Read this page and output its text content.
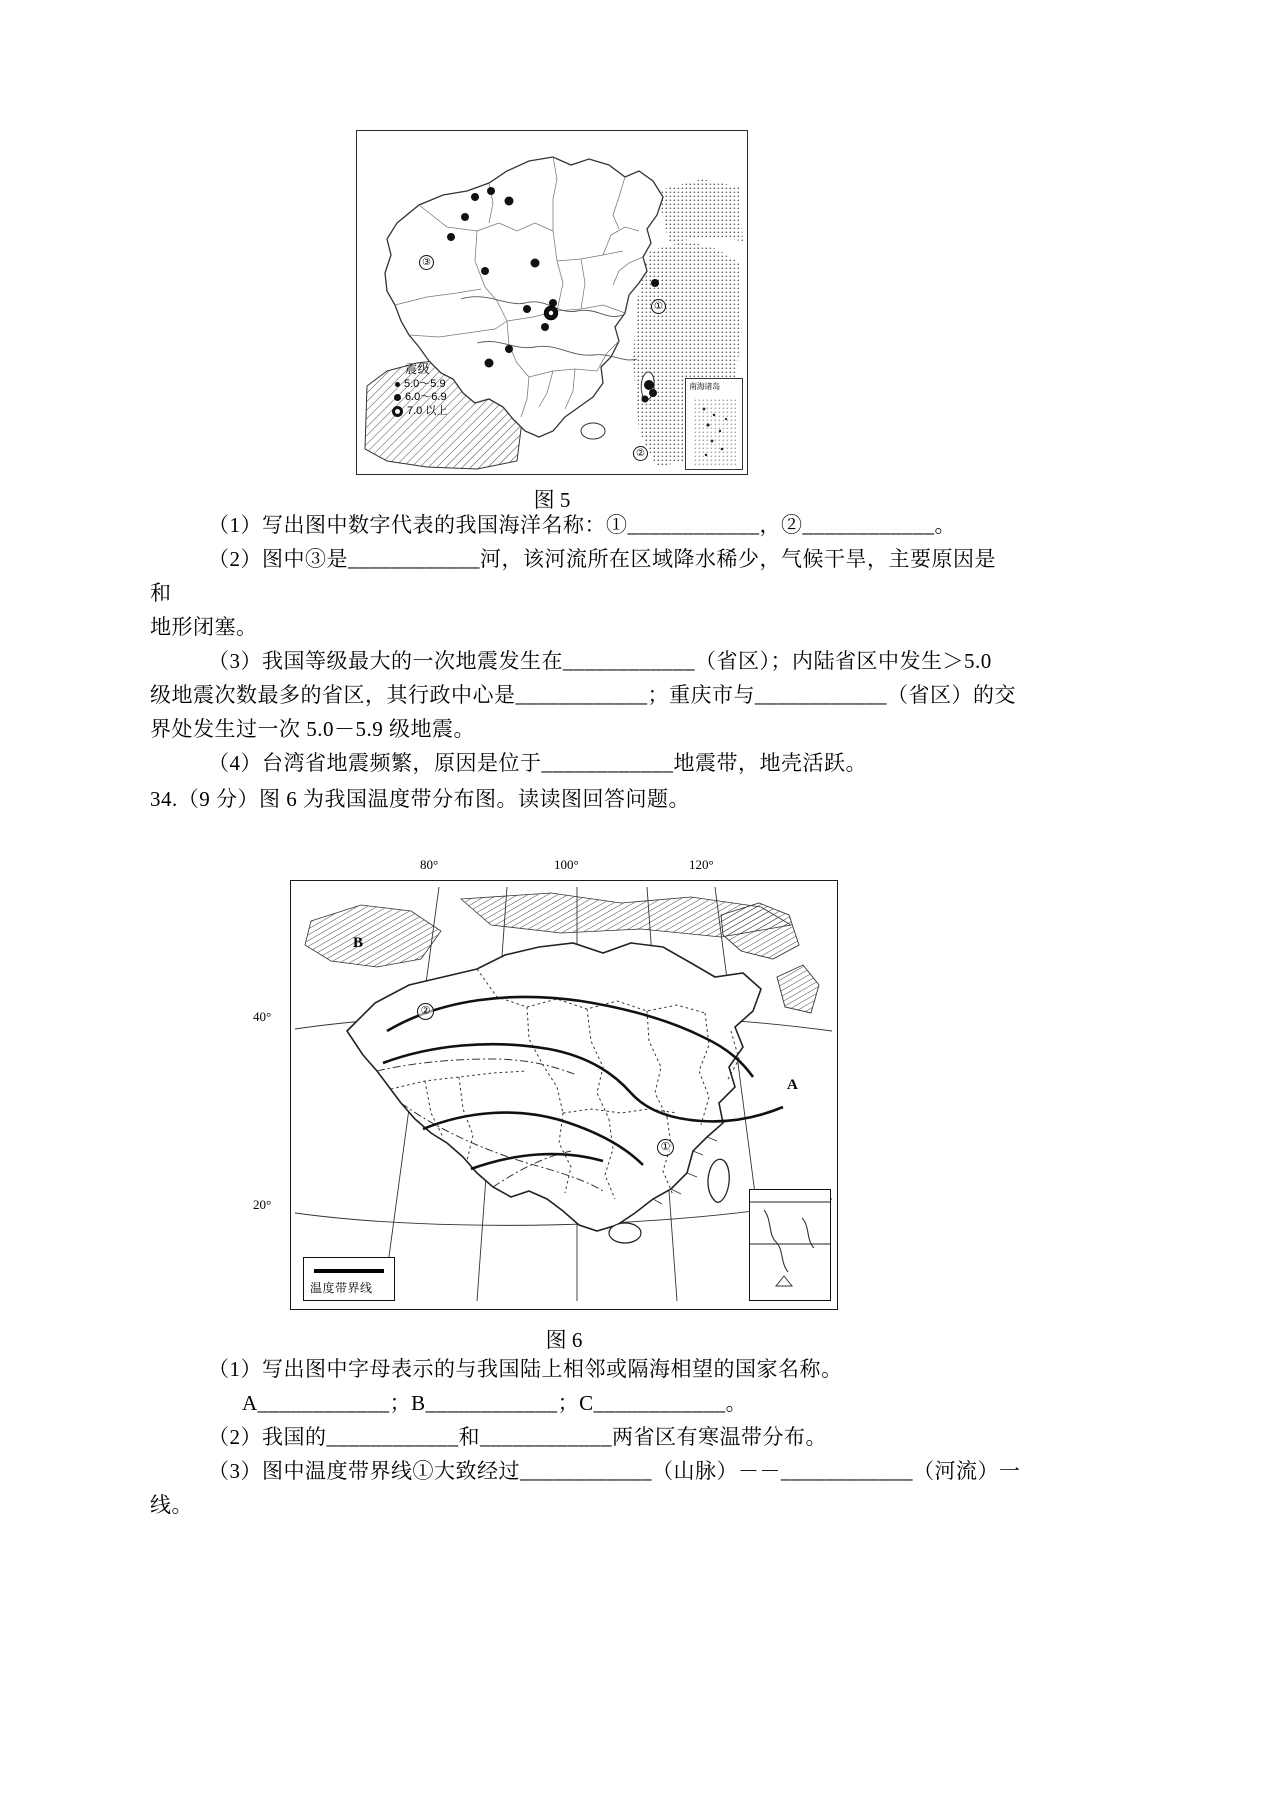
①
②
③
震级
5.0～5.9
6.0～6.9
7.0 以上
南海诸岛
图 5
（1）写出图中数字代表的我国海洋名称：①____________，②____________。
（2）图中③是____________河，该河流所在区域降水稀少，气候干旱，主要原因是
和
地形闭塞。
（3）我国等级最大的一次地震发生在____________（省区）；内陆省区中发生＞5.0
级地震次数最多的省区，其行政中心是____________；重庆市与____________（省区）的交
界处发生过一次 5.0－5.9 级地震。
（4）台湾省地震频繁，原因是位于____________地震带，地壳活跃。
34.（9 分）图 6 为我国温度带分布图。读读图回答问题。
80°	100°	120°
40°
20°
B
A
②
①
温度带界线
图 6
（1）写出图中字母表示的与我国陆上相邻或隔海相望的国家名称。
A____________；B____________；C____________。
（2）我国的____________和____________两省区有寒温带分布。
（3）图中温度带界线①大致经过____________（山脉）－－____________（河流）一
线。
